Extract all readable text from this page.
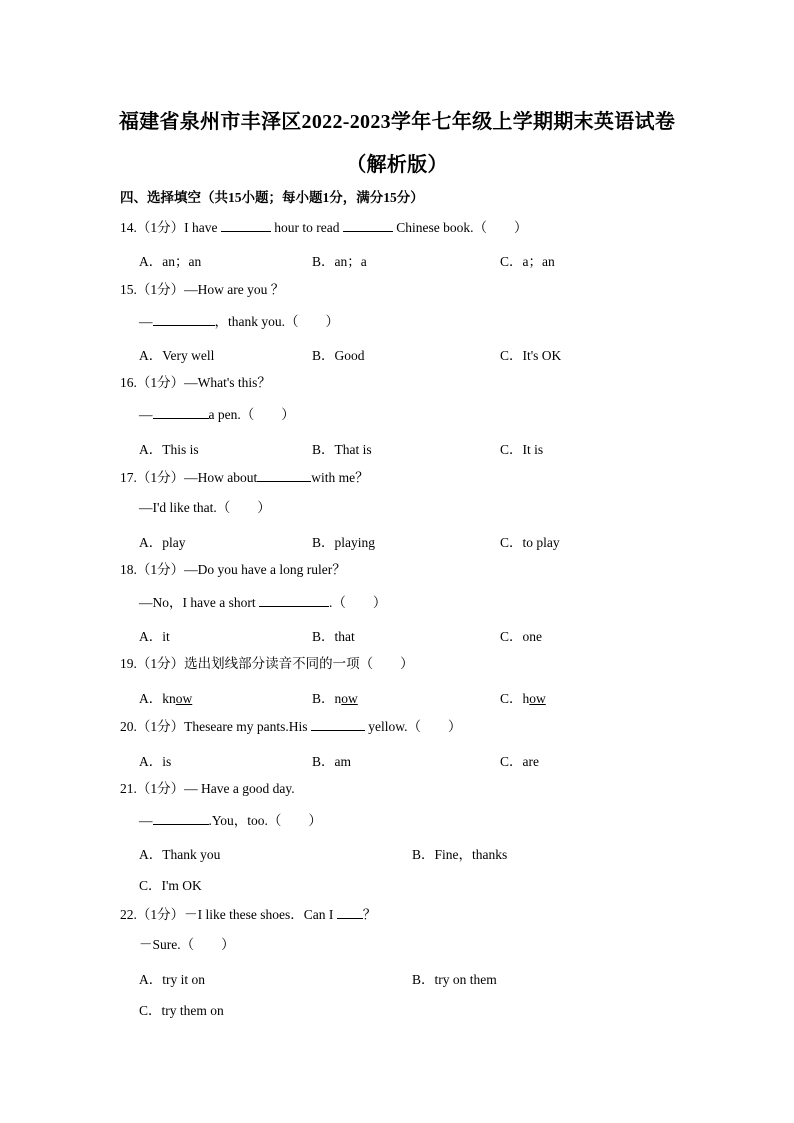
福建省泉州市丰泽区2022-2023学年七年级上学期期末英语试卷
（解析版）
四、选择填空（共15小题；每小题1分，满分15分）
14.（1分）I have	hour to read	Chinese book.（　　）
A．an；an	B．an；a	C．a；an
15.（1分）—How are you ？
—	，thank you.（　　）
A．Very well	B．Good	C．It's OK
16.（1分）—What's this？
—	a pen.（　　）
A．This is	B．That is	C．It is
17.（1分）—How about	with me？
—I'd like that.（　　）
A．play	B．playing	C．to play
18.（1分）—Do you have a long ruler？
—No，I have a short	.（　　）
A．it	B．that	C．one
19.（1分）选出划线部分读音不同的一项（　　）
A．know	B．now	C．how
20.（1分）Theseare my pants.His	yellow.（　　）
A．is	B．am	C．are
21.（1分）— Have a good day.
—	.You，too.（　　）
A．Thank you	B．Fine，thanks
C．I'm OK
22.（1分）－I like these shoes．Can I ？
－Sure.（　　）
A．try it on	B．try on them
C．try them on
